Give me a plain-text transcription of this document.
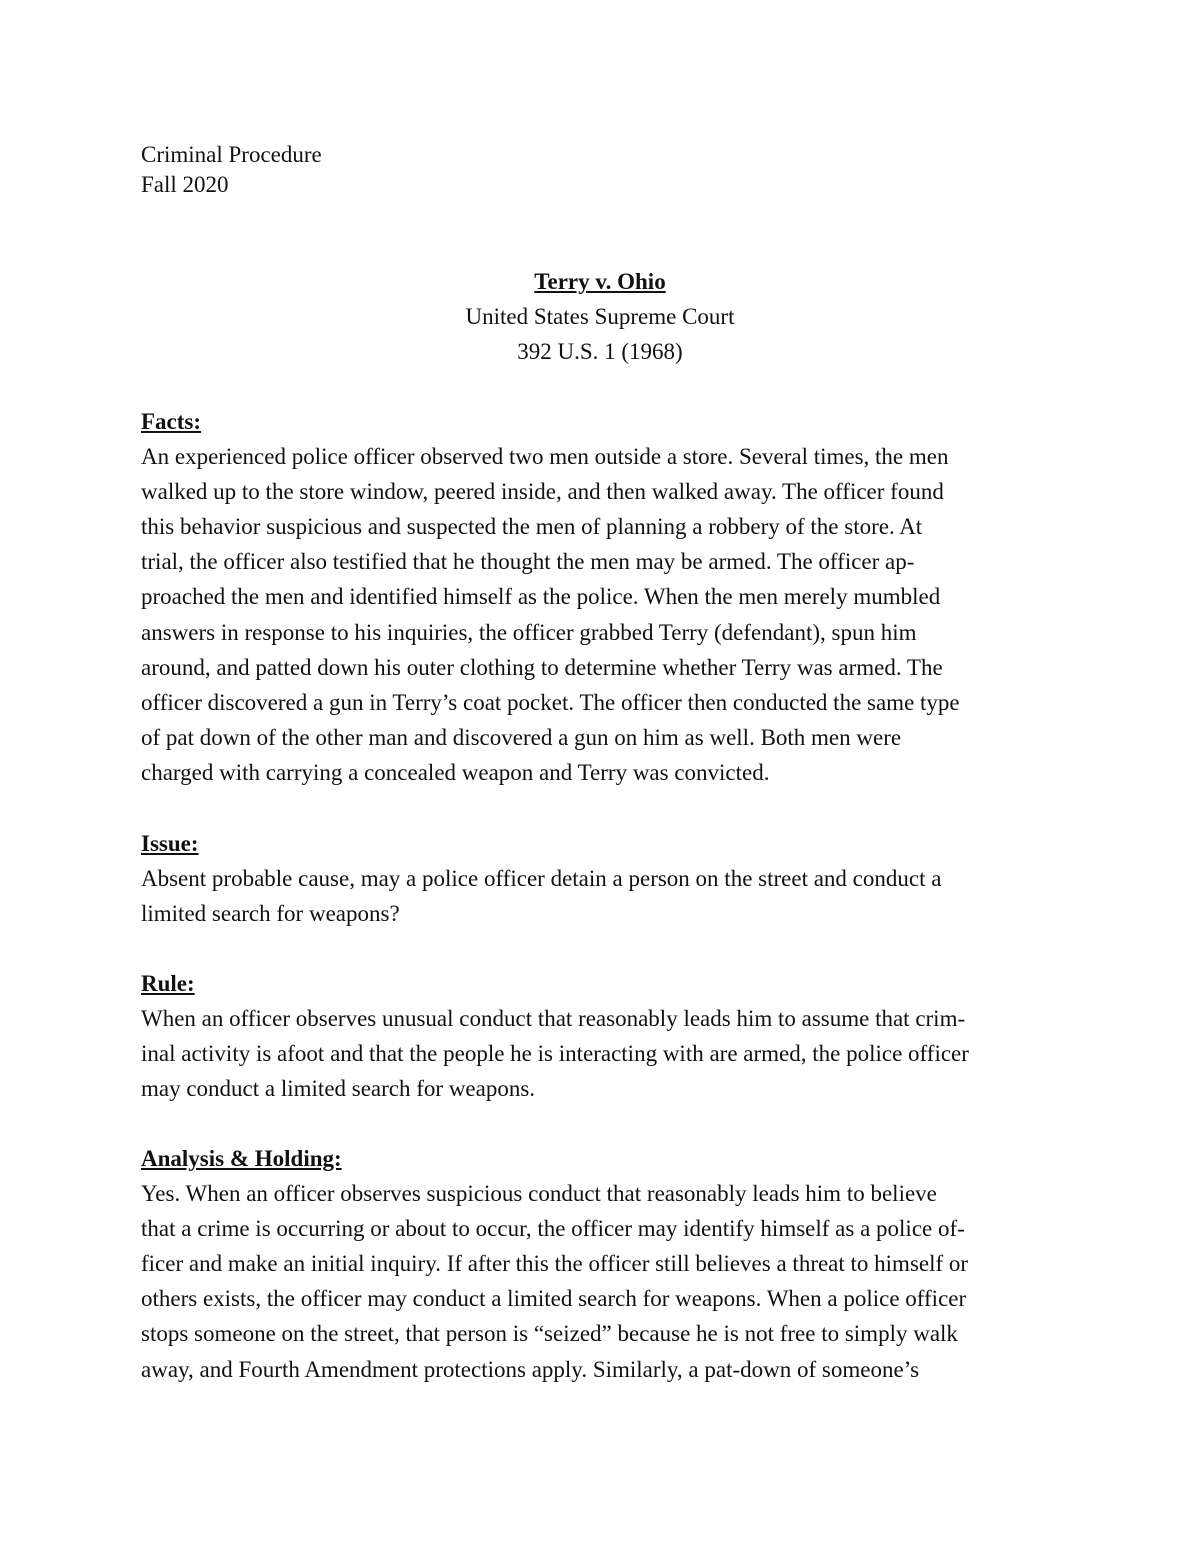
Criminal Procedure
Fall 2020
Terry v. Ohio
United States Supreme Court
392 U.S. 1 (1968)
Facts:
An experienced police officer observed two men outside a store. Several times, the men
walked up to the store window, peered inside, and then walked away. The officer found
this behavior suspicious and suspected the men of planning a robbery of the store. At
trial, the officer also testified that he thought the men may be armed. The officer ap-
proached the men and identified himself as the police. When the men merely mumbled
answers in response to his inquiries, the officer grabbed Terry (defendant), spun him
around, and patted down his outer clothing to determine whether Terry was armed. The
officer discovered a gun in Terry’s coat pocket. The officer then conducted the same type
of pat down of the other man and discovered a gun on him as well. Both men were
charged with carrying a concealed weapon and Terry was convicted.
Issue:
Absent probable cause, may a police officer detain a person on the street and conduct a
limited search for weapons?
Rule:
When an officer observes unusual conduct that reasonably leads him to assume that crim-
inal activity is afoot and that the people he is interacting with are armed, the police officer
may conduct a limited search for weapons.
Analysis & Holding:
Yes. When an officer observes suspicious conduct that reasonably leads him to believe
that a crime is occurring or about to occur, the officer may identify himself as a police of-
ficer and make an initial inquiry. If after this the officer still believes a threat to himself or
others exists, the officer may conduct a limited search for weapons. When a police officer
stops someone on the street, that person is “seized” because he is not free to simply walk
away, and Fourth Amendment protections apply. Similarly, a pat-down of someone’s
